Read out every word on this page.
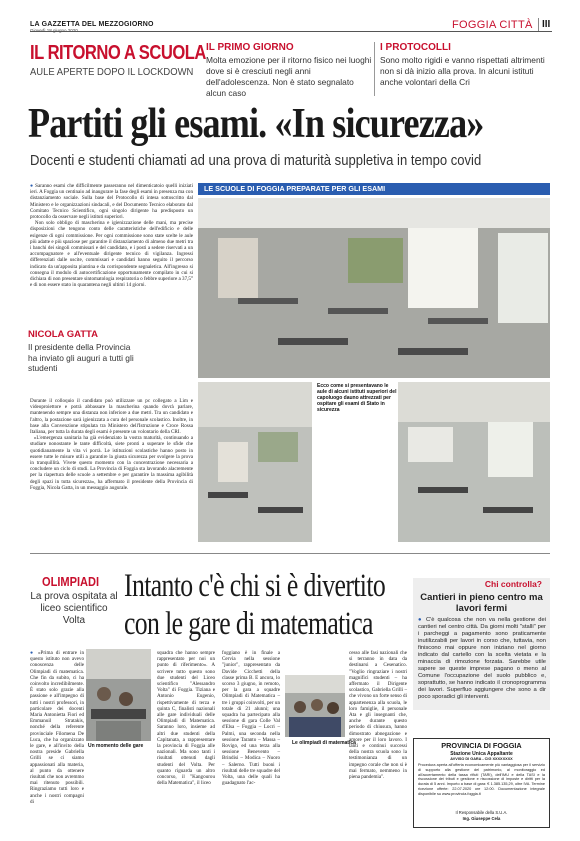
LA GAZZETTA DEL MEZZOGIORNO	FOGGIA CITTÀ III
IL RITORNO A SCUOLA
AULE APERTE DOPO IL LOCKDOWN
IL PRIMO GIORNO
Molta emozione per il ritorno fisico nei luoghi dove si è cresciuti negli anni dell'adolescenza. Non è stato segnalato alcun caso
I PROTOCOLLI
Sono molto rigidi e vanno rispettati altrimenti non si dà inizio alla prova. In alcuni istituti anche volontari della Cri
Partiti gli esami. «In sicurezza»
Docenti e studenti chiamati ad una prova di maturità suppletiva in tempo covid
● Saranno esami che difficilmente passeranno nel dimenticatoio quelli iniziati ieri. A Foggia un centinaio ad inaugurare la fase degli esami in presenza ma con distanziamento sociale. Sulla base del Protocollo di intesa sottoscritto dal Ministero e le organizzazioni sindacali, e del Documento Tecnico elaborato dal Comitato Tecnico Scientifico, ogni singolo dirigente ha predisposto un protocollo da osservare negli istituti superiori.
Non solo obbligo di mascherina e igienizzazione delle mani, ma precise disposizioni che tengono conto delle caratteristiche dell'edificio e delle esigenze di ogni commissione. Per ogni commissione sono state scelte le aule più adatte e più spaziose per garantire il distanziamento di almeno due metri tra i banchi dei singoli commissari e del candidato, e i posti a sedere riservati a un accompagnatore e all'eventuale dirigente tecnico di vigilanza. Ingressi differenziati dalle uscite, commissari e candidati hanno seguito il percorso indicato da un'apposita piantina e da corrispondente segnaletica. All'ingresso si consegna il modulo di autocertificazione opportunamente compilato in cui si dichiara di non presentare sintomatologia respiratoria o febbre superiore a 37,5° e di non essere stato in quarantena negli ultimi 14 giorni.
NICOLA GATTA
Il presidente della Provincia ha inviato gli auguri a tutti gli studenti
Durante il colloquio il candidato può utilizzare un pc collegato a Lim e videoproiettore e potrà abbassare la mascherina quando dovrà parlare, mantenendo sempre una distanza non inferiore a due metri. Tra un candidato e l'altro, la postazione sarà igienizzata a cura del personale scolastico. Inoltre, in base alla Convenzione stipulata tra Ministero dell'Istruzione e Croce Rossa Italiana, per tutta la durata degli esami è presente un volontario della CRI.
«L'emergenza sanitaria ha già evidenziato la vostra maturità, continuando a studiare nonostante le tante difficoltà, siete pronti a superare le sfide che quotidianamente la vita vi porrà. Le istituzioni scolastiche hanno posto in essere tutte le misure utili a garantire la giusta sicurezza per svolgere la prova in tranquillità. Vivete questo momento con la concentrazione necessaria a concludere un ciclo di studi. La Provincia di Foggia sta lavorando alacremente per la riapertura delle scuole a settembre e per garantire la massima agibilità degli spazi in tutta sicurezza», ha affermato il presidente della Provincia di Foggia, Nicola Gatta, in un messaggio augurale.
LE SCUOLE DI FOGGIA PREPARATE PER GLI ESAMI
Ecco come si presentavano le aule di alcuni istituti superiori del capoluogo dauno attrezzati per ospitare gli esami di Stato in sicurezza
OLIMPIADI
La prova ospitata al liceo scientifico Volta
Intanto c'è chi si è divertito
con le gare di matematica
● «Prima di entrare in questo istituto non avevo conoscenza delle Olimpiadi di matematica. Che fin da subito, ci ha coinvolto incredibilmente. È stato solo grazie alla passione e all'impegno di tutti i nostri professori, in particolare dei docenti Maria Antonietta Fiori ed Emmanuil Stratakis, nonché della referente provinciale Filomena De Luca, che ha organizzato le gare, e all'invito della nostra preside Gabriella Grilli se ci siamo appassionati alla materia, al punto da ottenere risultati che non avremmo mai ritenuto possibili. Ringraziamo tutti loro e anche i nostri compagni di
Un momento delle gare
squadra che hanno sempre rappresentato per noi un punto di riferimento». A scrivere tutto questo sono due studenti del Liceo scientifico "Alessandro Volta" di Foggia. Tiziana e Antonio Eugenio, rispettivamente di terza e quinta C, finalisti nazionali alle gare individuali delle Olimpiadi di Matematica. Saranno loro, insieme ad altri due studenti della Capitanata, a rappresentare la provincia di Foggia alle nazionali. Ma sono tanti i risultati ottenuti dagli studenti del Volta. Per quanto riguarda un altro concorso, il "Kangourou della Matematica", il liceo
foggiano è in finale a Cervia nella sessione "junior", rappresentato da Davide Cicchetti della classe prima B. E ancora, lo scorso 3 giugno, in remoto, per la gara a squadre Olimpiadi di Matematica – tre i gruppi coinvolti, per un totale di 21 alunni; una squadra ha partecipato alla sessione di gara Colle Val d'Elsa – Foggia – Locri – Palmi, una seconda nella sessione Taranto – Massa – Rovigo, ed una terza alla sessione Benevento – Brindisi – Modica – Nuoro – Salerno. Tutti buoni i risultati delle tre squadre del Volta, una delle quali ha guadagnato l'ac-
Le olimpiadi di matematica
cesso alle fasi nazionali che si terranno in data da destinarsi a Cesenatico. "Voglio ringraziare i nostri magnifici studenti – ha affermato il Dirigente scolastico, Gabriella Grilli – che vivono un forte senso di appartenenza alla scuola, le loro famiglie, il personale Ata e gli insegnanti che, anche durante questo periodo di chiusura, hanno dimostrato abnegazione e amore per il loro lavoro. I tanti e continui successi della nostra scuola sono la testimonianza di un impegno corale che non si è mai fermato, nemmeno in piena pandemia".
Chi controlla?
Cantieri in pieno centro ma lavori fermi
● C'è qualcosa che non va nella gestione dei cantieri nel centro città. Da giorni molti "stalli" per i parcheggi a pagamento sono praticamente inutilizzabili per lavori in corso che, tuttavia, non finiscono mai oppure non iniziano nel giorno indicato dal cartello con la scelta vietata e la minaccia di rimozione forzata. Sarebbe utile sapere se queste imprese pagano o meno al Comune l'occupazione del suolo pubblico e, soprattutto, se hanno indicato il cronoprogramma dei lavori. Superfluo aggiungere che sono a dir poco sporadici gli interventi.
PROVINCIA DI FOGGIA
Stazione Unica Appaltante
AVVISO DI GARA - CIG XXXXXXXX
Procedura aperta all'offerta economicamente più vantaggiosa per il servizio di supporto alla gestione del patrimonio, al monitoraggio ed all'accertamento della tassa rifiuti (TARI), dell'IMU e della TASI e la riscossione dei tributi e gestione e riscossione di imposte e diritti per la durata di 5 anni. Importo a base di gara: € 1.385.135,29, oltre IVA. Termine ricezione offerte: 22.07.2020 ore 12:00. Documentazione integrale disponibile su www.provincia.foggia.it
Il Responsabile della S.U.A.
Ing. Giuseppe Cela
